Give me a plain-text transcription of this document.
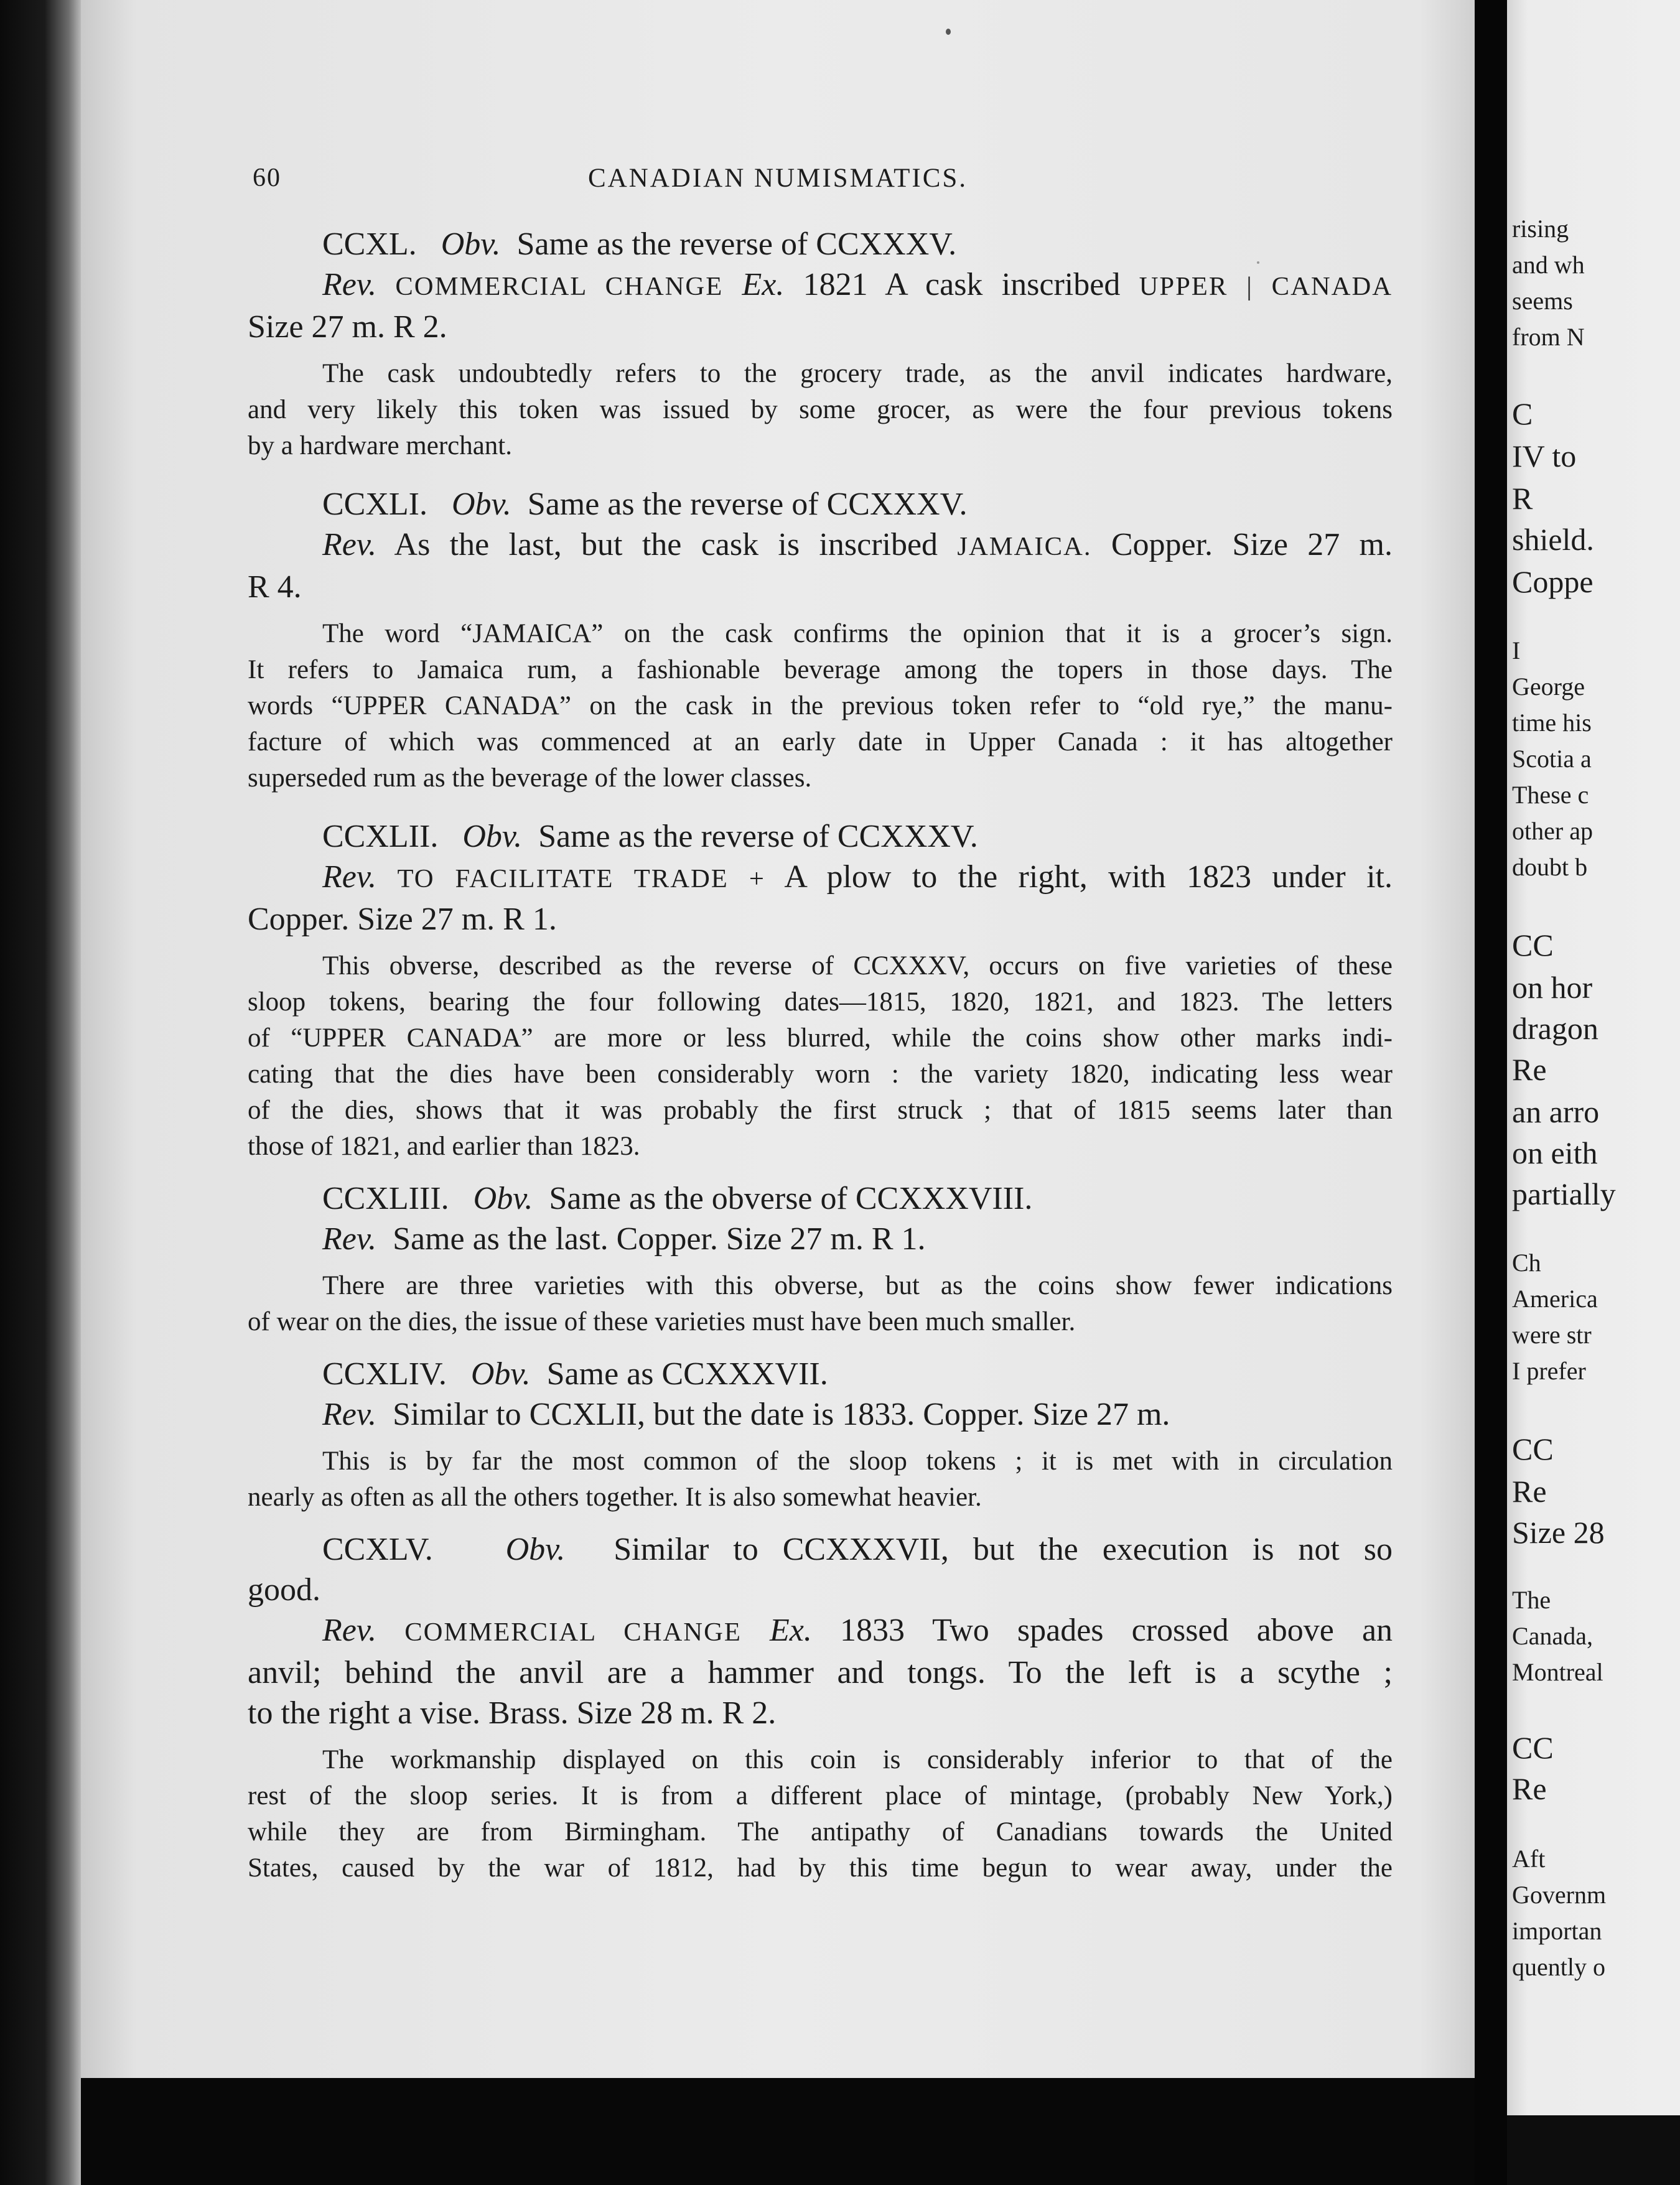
60	CANADIAN NUMISMATICS.
CCXL. Obv. Same as the reverse of CCXXXV.
Rev. COMMERCIAL CHANGE Ex. 1821 A cask inscribed UPPER | CANADA
Size 27 m. R 2.
The cask undoubtedly refers to the grocery trade, as the anvil indicates hardware,
and very likely this token was issued by some grocer, as were the four previous tokens
by a hardware merchant.
CCXLI. Obv. Same as the reverse of CCXXXV.
Rev. As the last, but the cask is inscribed JAMAICA. Copper. Size 27 m.
R 4.
The word “JAMAICA” on the cask confirms the opinion that it is a grocer’s sign.
It refers to Jamaica rum, a fashionable beverage among the topers in those days. The
words “UPPER CANADA” on the cask in the previous token refer to “old rye,” the manu-
facture of which was commenced at an early date in Upper Canada : it has altogether
superseded rum as the beverage of the lower classes.
CCXLII. Obv. Same as the reverse of CCXXXV.
Rev. TO FACILITATE TRADE + A plow to the right, with 1823 under it.
Copper. Size 27 m. R 1.
This obverse, described as the reverse of CCXXXV, occurs on five varieties of these
sloop tokens, bearing the four following dates—1815, 1820, 1821, and 1823. The letters
of “UPPER CANADA” are more or less blurred, while the coins show other marks indi-
cating that the dies have been considerably worn : the variety 1820, indicating less wear
of the dies, shows that it was probably the first struck ; that of 1815 seems later than
those of 1821, and earlier than 1823.
CCXLIII. Obv. Same as the obverse of CCXXXVIII.
Rev. Same as the last. Copper. Size 27 m. R 1.
There are three varieties with this obverse, but as the coins show fewer indications
of wear on the dies, the issue of these varieties must have been much smaller.
CCXLIV. Obv. Same as CCXXXVII.
Rev. Similar to CCXLII, but the date is 1833. Copper. Size 27 m.
This is by far the most common of the sloop tokens ; it is met with in circulation
nearly as often as all the others together. It is also somewhat heavier.
CCXLV. Obv. Similar to CCXXXVII, but the execution is not so
good.
Rev. COMMERCIAL CHANGE Ex. 1833 Two spades crossed above an
anvil; behind the anvil are a hammer and tongs. To the left is a scythe ;
to the right a vise. Brass. Size 28 m. R 2.
The workmanship displayed on this coin is considerably inferior to that of the
rest of the sloop series. It is from a different place of mintage, (probably New York,)
while they are from Birmingham. The antipathy of Canadians towards the United
States, caused by the war of 1812, had by this time begun to wear away, under the
rising
and wh
seems
from N
C
IV to
R
shield.
Coppe
I
George
time his
Scotia a
These c
other ap
doubt b
CC
on hor
dragon
Re
an arro
on eith
partially
Ch
America
were str
I prefer
CC
Re
Size 28
The
Canada,
Montreal
CC
Re
Aft
Governm
importan
quently o
